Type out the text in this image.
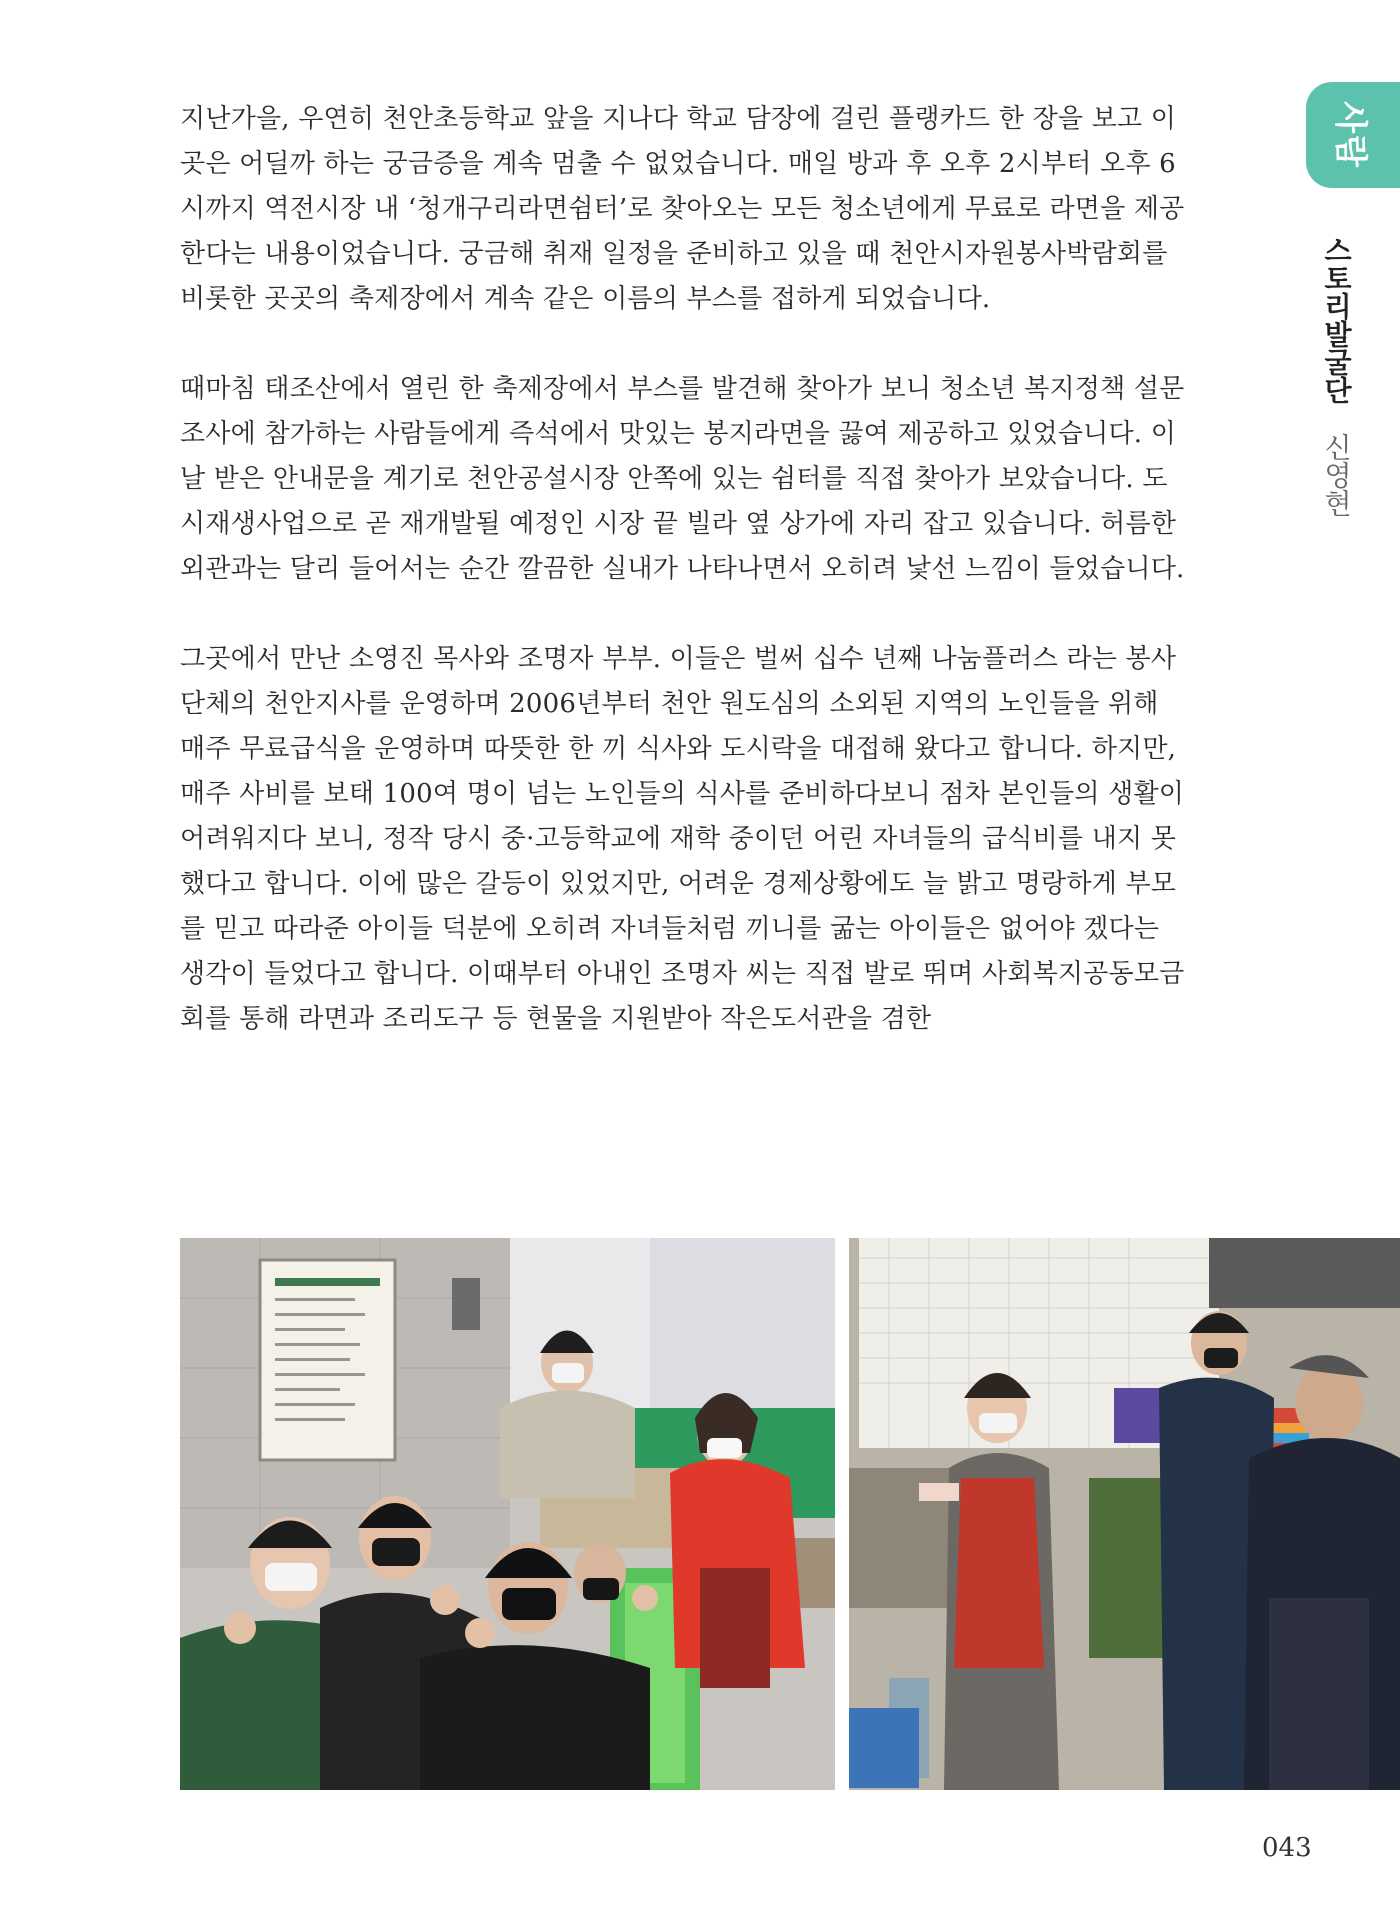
사람
스토리발굴단 신영현

지난가을, 우연히 천안초등학교 앞을 지나다 학교 담장에 걸린 플랭카드 한 장을 보고 이곳은 어딜까 하는 궁금증을 계속 멈출 수 없었습니다. 매일 방과 후 오후 2시부터 오후 6시까지 역전시장 내 ‘청개구리라면쉼터’로 찾아오는 모든 청소년에게 무료로 라면을 제공한다는 내용이었습니다. 궁금해 취재 일정을 준비하고 있을 때 천안시자원봉사박람회를 비롯한 곳곳의 축제장에서 계속 같은 이름의 부스를 접하게 되었습니다.

때마침 태조산에서 열린 한 축제장에서 부스를 발견해 찾아가 보니 청소년 복지정책 설문조사에 참가하는 사람들에게 즉석에서 맛있는 봉지라면을 끓여 제공하고 있었습니다. 이날 받은 안내문을 계기로 천안공설시장 안쪽에 있는 쉼터를 직접 찾아가 보았습니다. 도시재생사업으로 곧 재개발될 예정인 시장 끝 빌라 옆 상가에 자리 잡고 있습니다. 허름한 외관과는 달리 들어서는 순간 깔끔한 실내가 나타나면서 오히려 낯선 느낌이 들었습니다.

그곳에서 만난 소영진 목사와 조명자 부부. 이들은 벌써 십수 년째 나눔플러스 라는 봉사단체의 천안지사를 운영하며 2006년부터 천안 원도심의 소외된 지역의 노인들을 위해 매주 무료급식을 운영하며 따뜻한 한 끼 식사와 도시락을 대접해 왔다고 합니다. 하지만, 매주 사비를 보태 100여 명이 넘는 노인들의 식사를 준비하다보니 점차 본인들의 생활이 어려워지다 보니, 정작 당시 중·고등학교에 재학 중이던 어린 자녀들의 급식비를 내지 못했다고 합니다. 이에 많은 갈등이 있었지만, 어려운 경제상황에도 늘 밝고 명랑하게 부모를 믿고 따라준 아이들 덕분에 오히려 자녀들처럼 끼니를 굶는 아이들은 없어야 겠다는 생각이 들었다고 합니다. 이때부터 아내인 조명자 씨는 직접 발로 뛰며 사회복지공동모금회를 통해 라면과 조리도구 등 현물을 지원받아 작은도서관을 겸한

043
